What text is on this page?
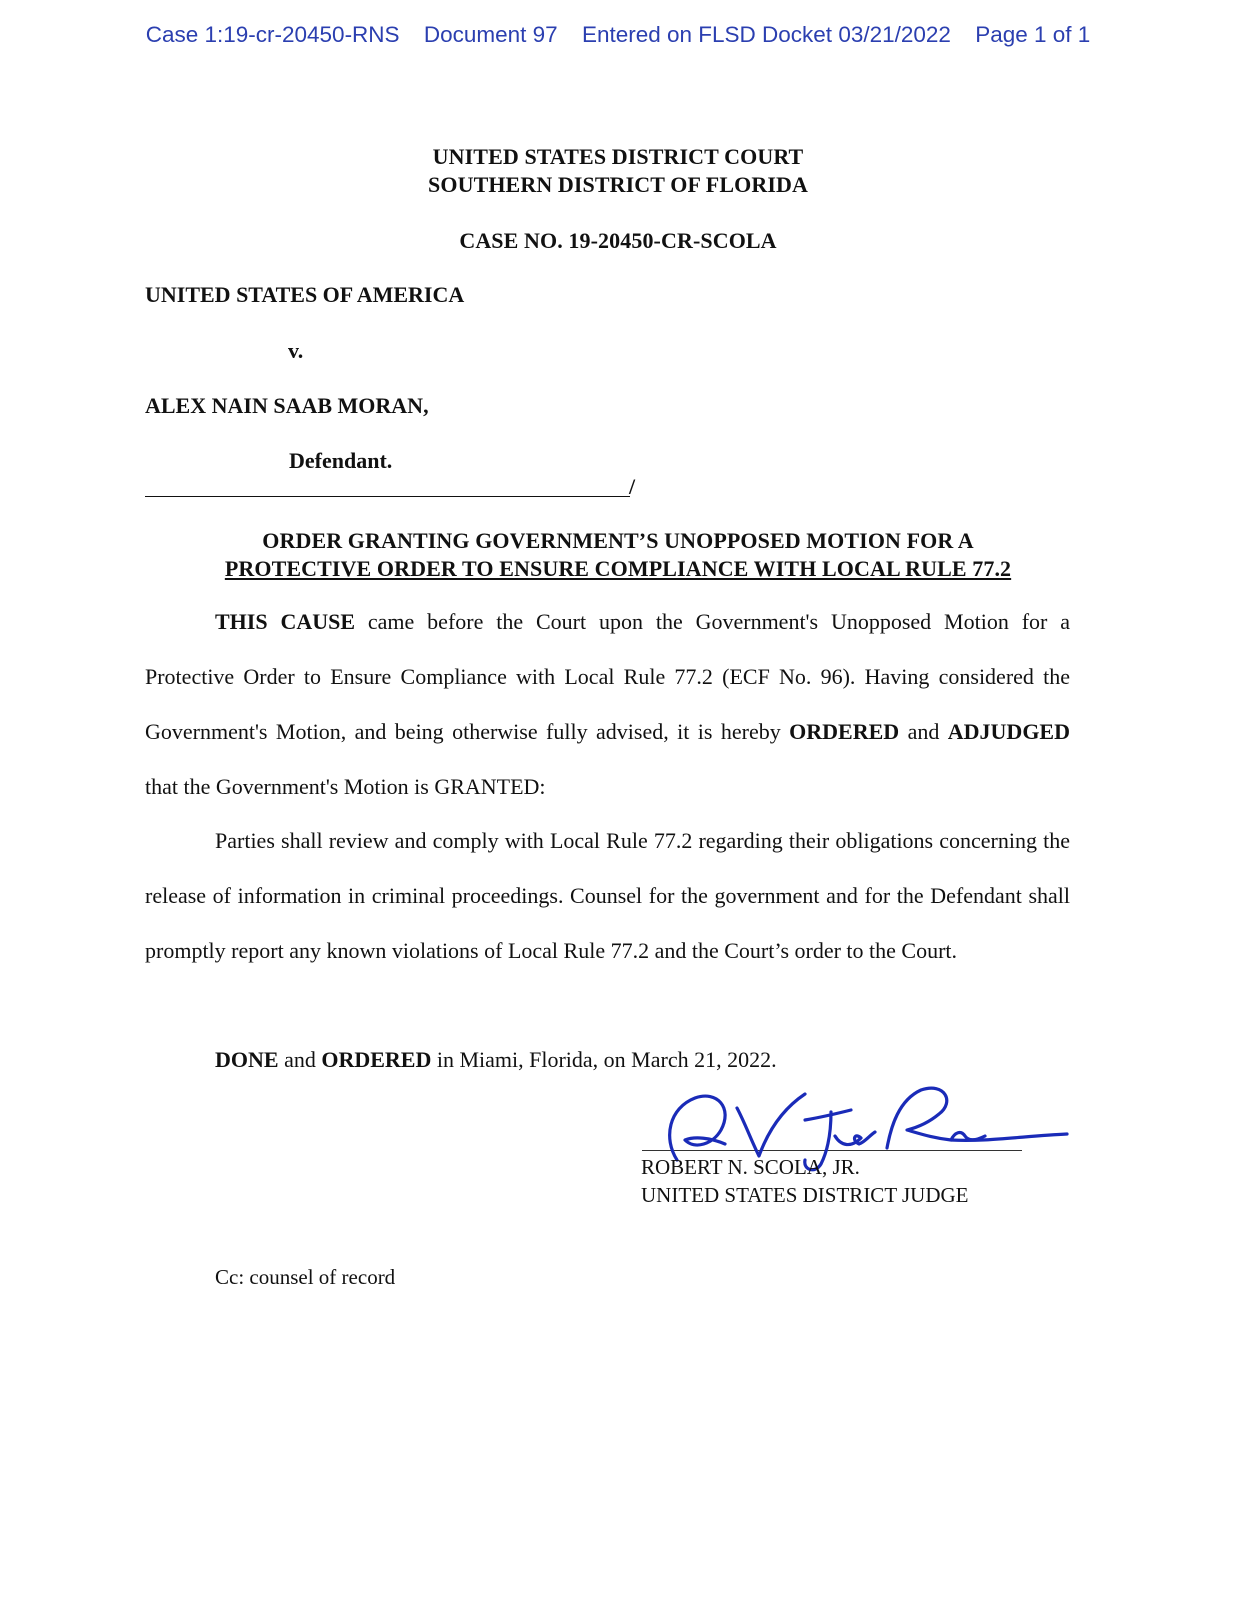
Case 1:19-cr-20450-RNS Document 97 Entered on FLSD Docket 03/21/2022 Page 1 of 1
UNITED STATES DISTRICT COURT
SOUTHERN DISTRICT OF FLORIDA
CASE NO. 19-20450-CR-SCOLA
UNITED STATES OF AMERICA
v.
ALEX NAIN SAAB MORAN,
Defendant.
/
ORDER GRANTING GOVERNMENT’S UNOPPOSED MOTION FOR A
PROTECTIVE ORDER TO ENSURE COMPLIANCE WITH LOCAL RULE 77.2
THIS CAUSE came before the Court upon the Government's Unopposed Motion for a Protective Order to Ensure Compliance with Local Rule 77.2 (ECF No. 96). Having considered the Government's Motion, and being otherwise fully advised, it is hereby ORDERED and ADJUDGED that the Government's Motion is GRANTED:
Parties shall review and comply with Local Rule 77.2 regarding their obligations concerning the release of information in criminal proceedings. Counsel for the government and for the Defendant shall promptly report any known violations of Local Rule 77.2 and the Court’s order to the Court.
DONE and ORDERED in Miami, Florida, on March 21, 2022.
ROBERT N. SCOLA, JR.
UNITED STATES DISTRICT JUDGE
Cc: counsel of record
